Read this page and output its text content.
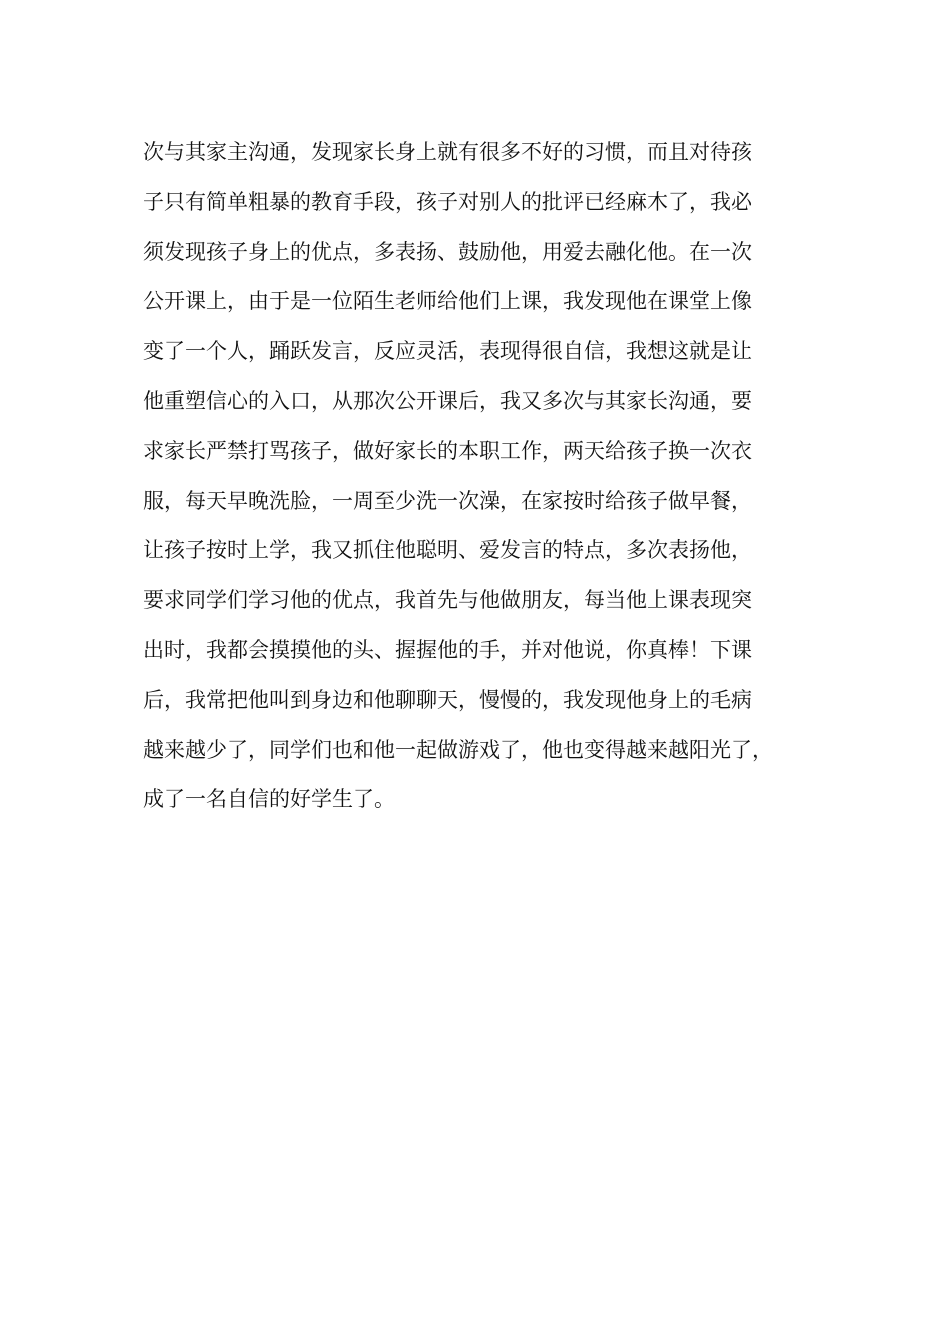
次与其家主沟通，发现家长身上就有很多不好的习惯，而且对待孩
子只有简单粗暴的教育手段，孩子对别人的批评已经麻木了，我必
须发现孩子身上的优点，多表扬、鼓励他，用爱去融化他。在一次
公开课上，由于是一位陌生老师给他们上课，我发现他在课堂上像
变了一个人，踊跃发言，反应灵活，表现得很自信，我想这就是让
他重塑信心的入口，从那次公开课后，我又多次与其家长沟通，要
求家长严禁打骂孩子，做好家长的本职工作，两天给孩子换一次衣
服，每天早晚洗脸，一周至少洗一次澡，在家按时给孩子做早餐，
让孩子按时上学，我又抓住他聪明、爱发言的特点，多次表扬他，
要求同学们学习他的优点，我首先与他做朋友，每当他上课表现突
出时，我都会摸摸他的头、握握他的手，并对他说，你真棒！下课
后，我常把他叫到身边和他聊聊天，慢慢的，我发现他身上的毛病
越来越少了，同学们也和他一起做游戏了，他也变得越来越阳光了，
成了一名自信的好学生了。
